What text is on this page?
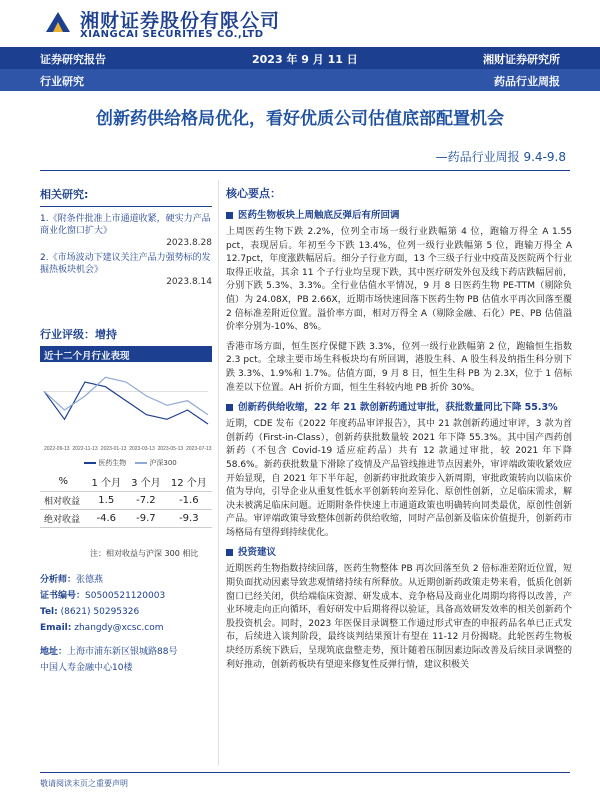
湘财证券股份有限公司
XIANGCAI SECURITIES CO.,LTD
证券研究报告	2023 年 9 月 11 日	湘财证券研究所
行业研究	药品行业周报
创新药供给格局优化，看好优质公司估值底部配置机会
—药品行业周报 9.4-9.8
相关研究:
1.《附条件批准上市通道收紧，硬实力产品商业化窗口扩大》
2023.8.28
2.《市场波动下建议关注产品力强势标的发掘热板块机会》
2023.8.14
行业评级：增持
近十二个月行业表现
2022-09-13 2022-11-13 2023-01-13 2023-03-13 2023-05-13 2023-07-13
医药生物	沪深300
%	1 个月	3 个月	12 个月
相对收益	1.5	-7.2	-1.6
绝对收益	-4.6	-9.7	-9.3
注：相对收益与沪深 300 相比
分析师：张德燕
证书编号：S0500521120003
Tel: (8621) 50295326
Email: zhangdy@xcsc.com
地址：上海市浦东新区银城路88号
中国人寿金融中心10楼
核心要点：
医药生物板块上周触底反弹后有所回调
上周医药生物下跌 2.2%，位列全市场一级行业跌幅第 4 位，跑输万得全 A 1.55 pct，表现居后。年初至今下跌 13.4%，位列一级行业跌幅第 5 位，跑输万得全 A 12.7pct，年度涨跌幅居后。细分子行业方面，13 个三级子行业中疫苗及医院两个行业取得正收益，其余 11 个子行业均呈现下跌，其中医疗研发外包及线下药店跌幅居前，分别下跌 5.3%、3.3%。全行业估值水平情况，9 月 8 日医药生物 PE-TTM（剔除负值）为 24.08X，PB 2.66X，近期市场快速回落下医药生物 PB 估值水平再次回落至覆 2 倍标准差附近位置。溢价率方面，相对万得全 A（剔除金融、石化）PE、PB 估值溢价率分别为-10%、8%。
香港市场方面，恒生医疗保健下跌 3.3%，位列一级行业跌幅第 2 位，跑输恒生指数 2.3 pct。全球主要市场生科板块均有所回调，港股生科、A 股生科及纳指生科分别下跌 3.3%、1.9%和 1.7%。估值方面，9 月 8 日，恒生生科 PB 为 2.3X，位于 1 倍标准差以下位置。AH 折价方面，恒生生科较内地 PB 折价 30%。
创新药供给收缩，22 年 21 款创新药通过审批，获批数量同比下降 55.3%
近期，CDE 发布《2022 年度药品审评报告》，其中 21 款创新药通过审评，3 款为首创新药（First-in-Class），创新药获批数量较 2021 年下降 55.3%。其中国产西药创新药（不包含 Covid-19 适应症药品）共有 12 款通过审批，较 2021 年下降 58.6%。新药获批数量下滑除了疫情及产品管线推进节点因素外，审评端政策收紧效应开始显现，自 2021 年下半年起，创新药审批政策步入新周期，审批政策转向以临床价值为导向，引导企业从重复性低水平创新转向差异化、原创性创新，立足临床需求，解决未被满足临床问题。近期附条件快速上市通道政策也明确转向同类最优，原创性创新产品。审评端政策导致整体创新药供给收缩，同时产品创新及临床价值提升，创新药市场格局有望得到持续优化。
投资建议
近期医药生物指数持续回落，医药生物整体 PB 再次回落至负 2 倍标准差附近位置，短期负面扰动因素导致悲观情绪持续有所释放。从近期创新药政策走势来看，低质化创新窗口已经关闭，供给端临床资源、研发成本、竞争格局及商业化周期均将得以改善，产业环境走向正向循环，看好研发中后期将得以验证，具备高效研发效率的相关创新药个股投资机会。同时，2023 年医保目录调整工作通过形式审查的申报药品名单已正式发布，后续进入谈判阶段，最终谈判结果预计有望在 11-12 月份揭晓。此轮医药生物板块经历系统下跌后，呈现筑底盘整走势，预计随着压制因素边际改善及后续目录调整的利好推动，创新药板块有望迎来修复性反弹行情，建议积极关
敬请阅读末页之重要声明
